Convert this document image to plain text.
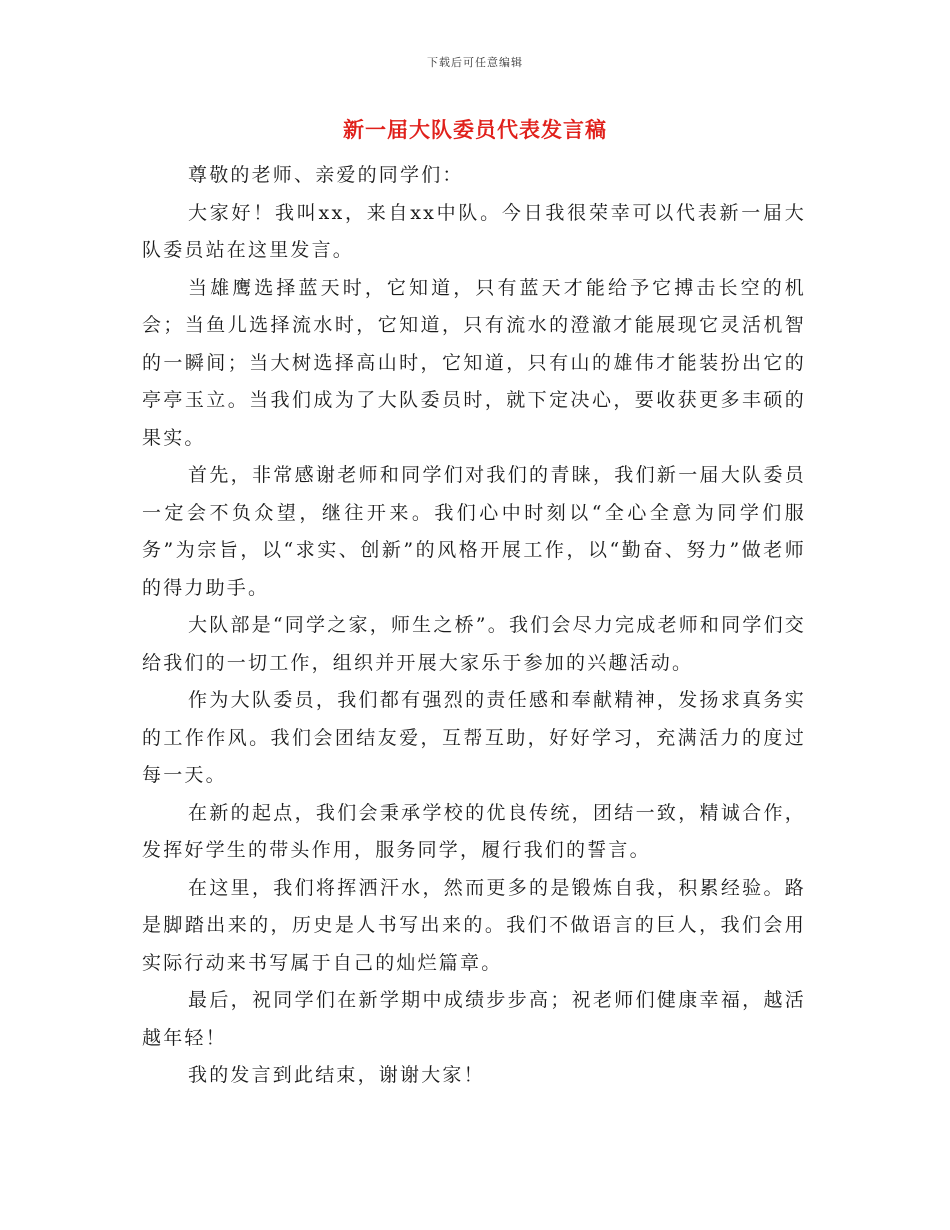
下载后可任意编辑
新一届大队委员代表发言稿

尊敬的老师、亲爱的同学们：

大家好！我叫xx，来自xx中队。今日我很荣幸可以代表新一届大队委员站在这里发言。

当雄鹰选择蓝天时，它知道，只有蓝天才能给予它搏击长空的机会；当鱼儿选择流水时，它知道，只有流水的澄澈才能展现它灵活机智的一瞬间；当大树选择高山时，它知道，只有山的雄伟才能装扮出它的亭亭玉立。当我们成为了大队委员时，就下定决心，要收获更多丰硕的果实。

首先，非常感谢老师和同学们对我们的青睐，我们新一届大队委员一定会不负众望，继往开来。我们心中时刻以“全心全意为同学们服务”为宗旨，以“求实、创新”的风格开展工作，以“勤奋、努力”做老师的得力助手。

大队部是“同学之家，师生之桥”。我们会尽力完成老师和同学们交给我们的一切工作，组织并开展大家乐于参加的兴趣活动。

作为大队委员，我们都有强烈的责任感和奉献精神，发扬求真务实的工作作风。我们会团结友爱，互帮互助，好好学习，充满活力的度过每一天。

在新的起点，我们会秉承学校的优良传统，团结一致，精诚合作，发挥好学生的带头作用，服务同学，履行我们的誓言。

在这里，我们将挥洒汗水，然而更多的是锻炼自我，积累经验。路是脚踏出来的，历史是人书写出来的。我们不做语言的巨人，我们会用实际行动来书写属于自己的灿烂篇章。

最后，祝同学们在新学期中成绩步步高；祝老师们健康幸福，越活越年轻！

我的发言到此结束，谢谢大家！
